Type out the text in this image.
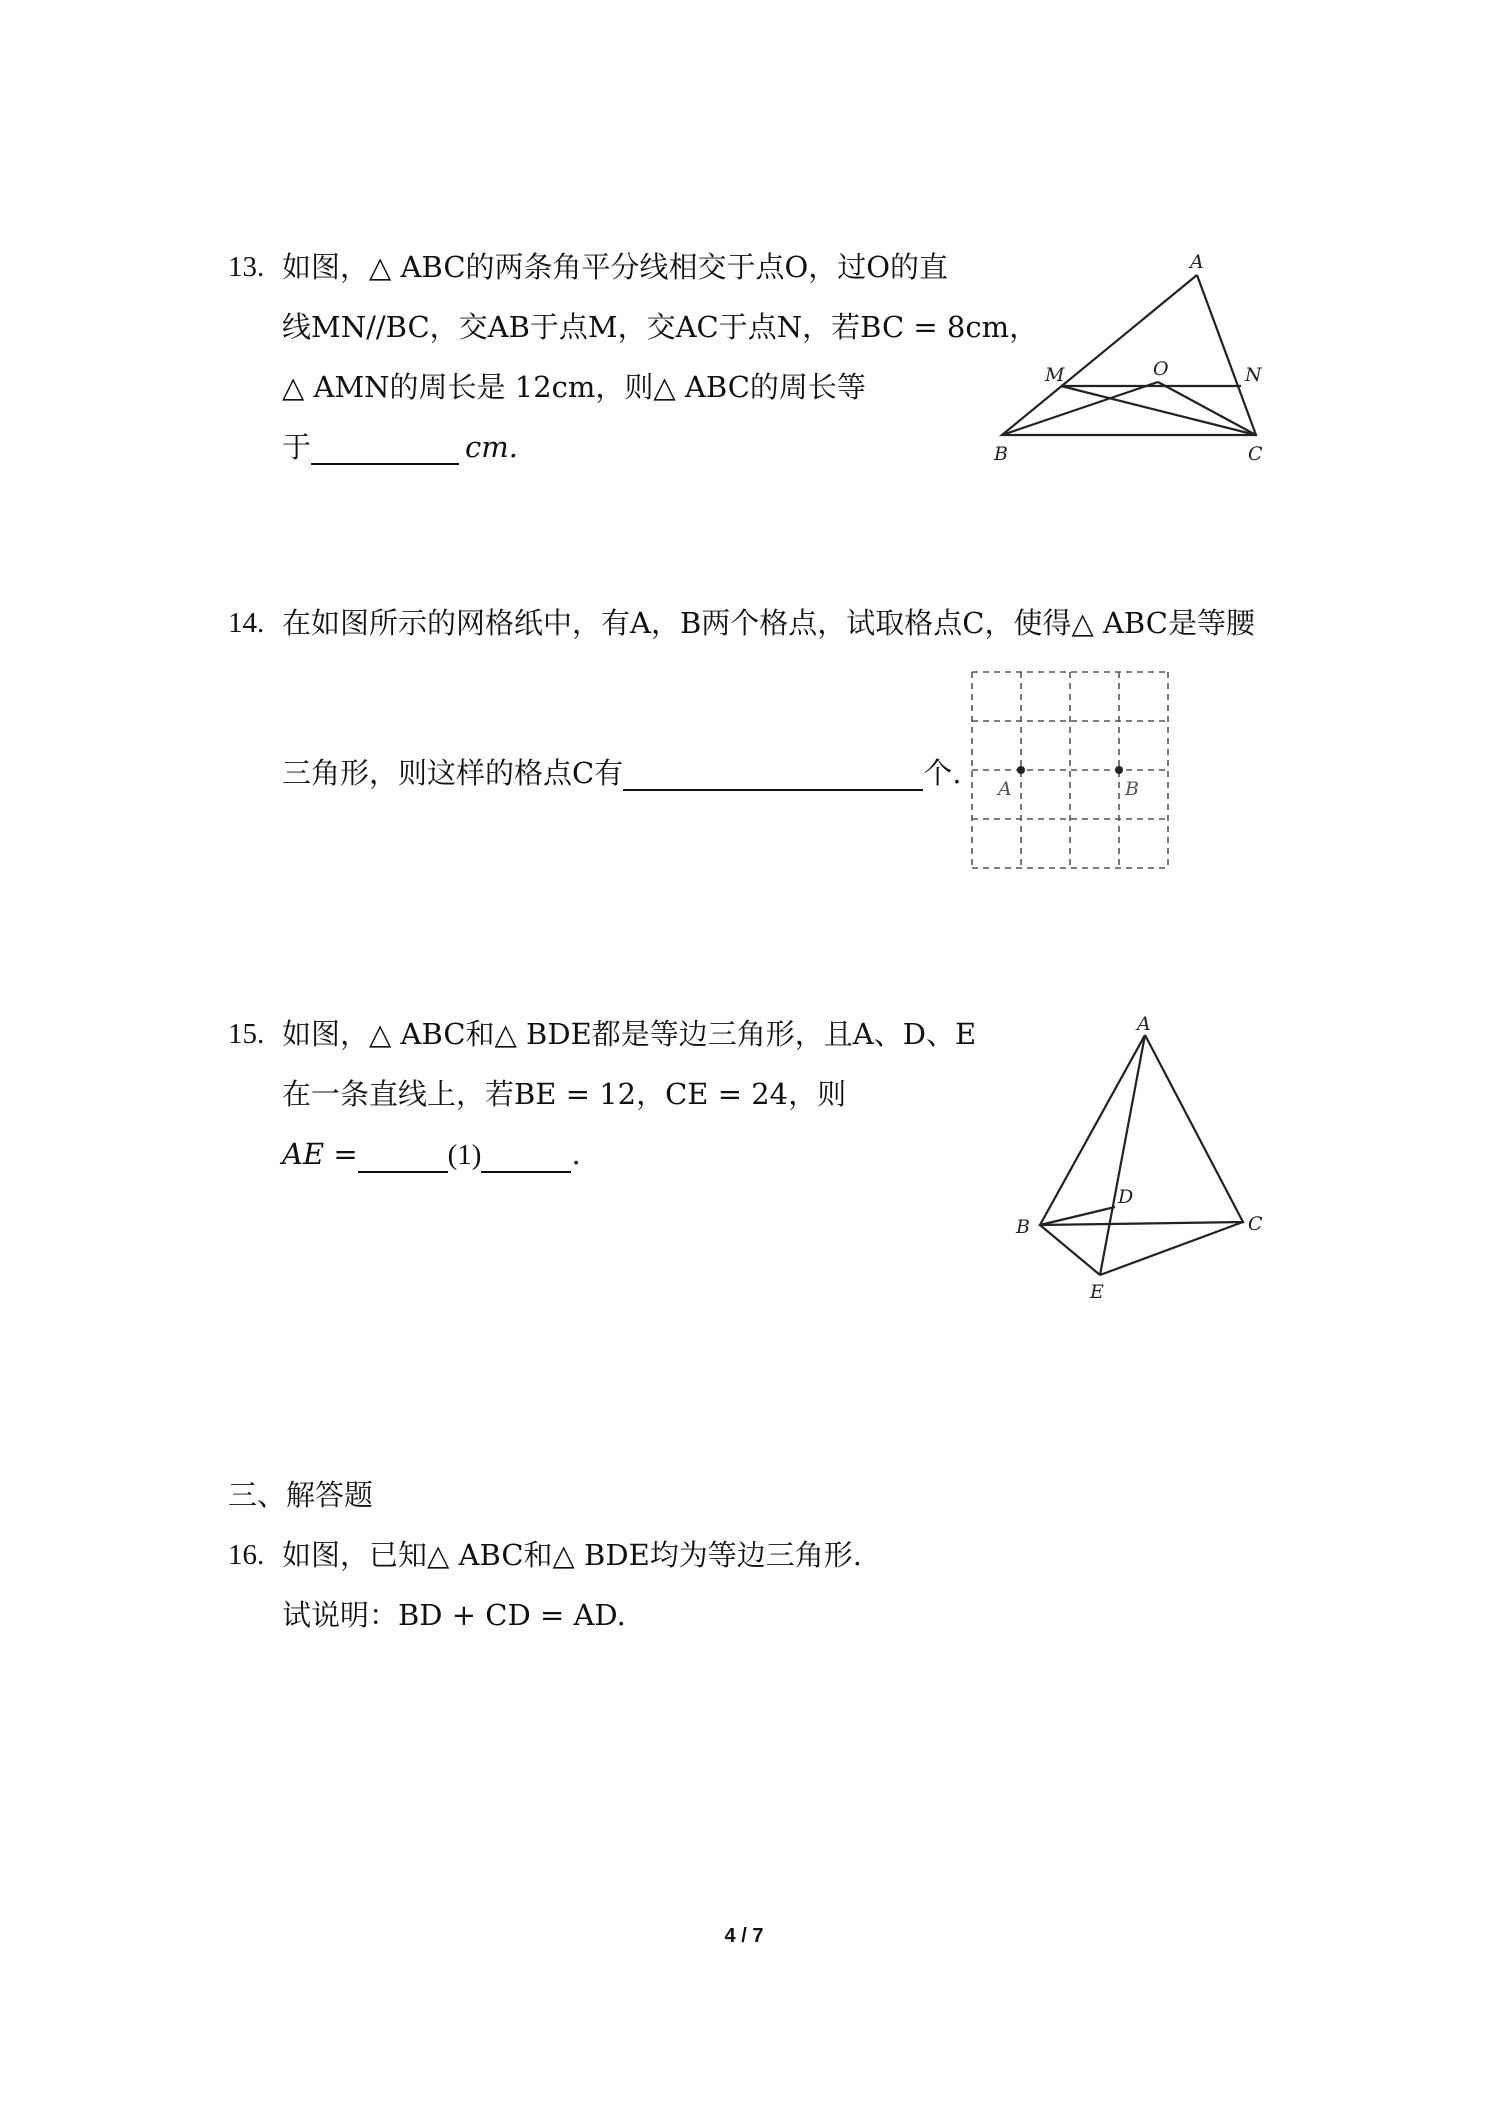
13. 如图，△ ABC的两条角平分线相交于点O，过O的直
线MN//BC，交AB于点M，交AC于点N，若BC = 8cm，
△ AMN的周长是 12cm，则△ ABC的周长等
于	cm.
A
B	C
M	N
O
14. 在如图所示的网格纸中，有A，B两个格点，试取格点C，使得△ ABC是等腰
三角形，则这样的格点C有	个. A	B
15. 如图，△ ABC和△ BDE都是等边三角形，且A、D、E
在一条直线上，若BE = 12，CE = 24，则
AE =	(1)	.
A
B	C
D
E
三、解答题
16. 如图，已知△ ABC和△ BDE均为等边三角形.
试说明：BD + CD = AD.
4 / 7
